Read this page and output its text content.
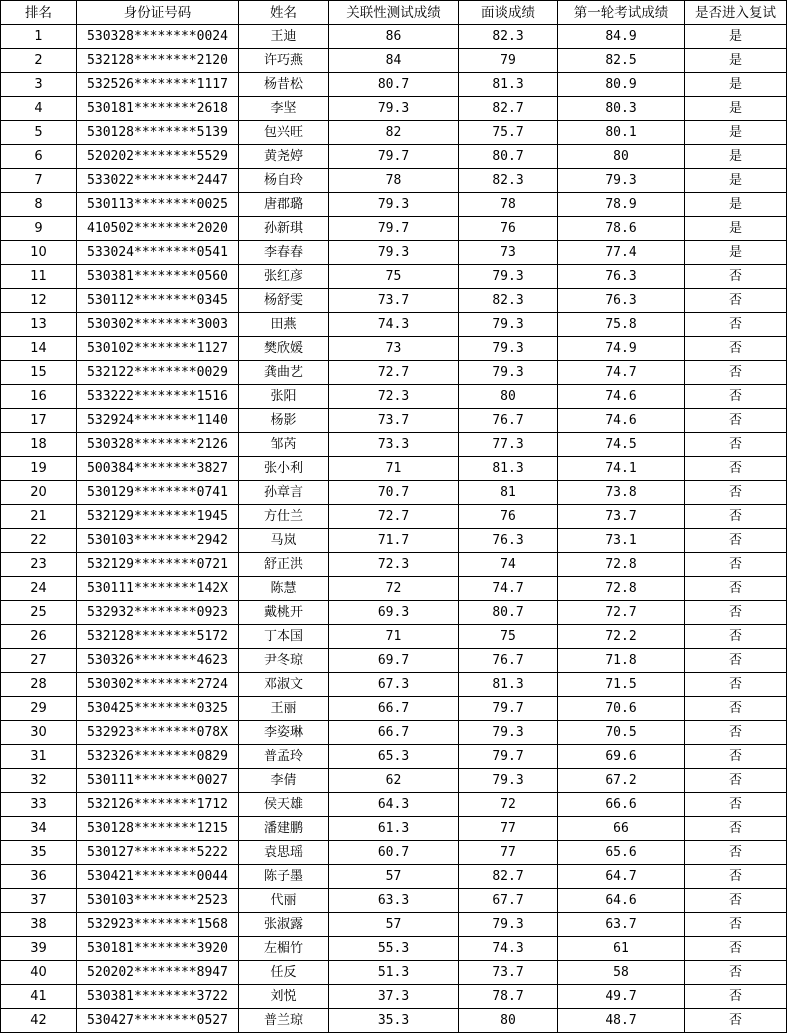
排名	身份证号码	姓名	关联性测试成绩	面谈成绩	第一轮考试成绩	是否进入复试
1	530328********0024	王迪	86	82.3	84.9	是
2	532128********2120	许巧燕	84	79	82.5	是
3	532526********1117	杨昔松	80.7	81.3	80.9	是
4	530181********2618	李坚	79.3	82.7	80.3	是
5	530128********5139	包兴旺	82	75.7	80.1	是
6	520202********5529	黄尧婷	79.7	80.7	80	是
7	533022********2447	杨自玲	78	82.3	79.3	是
8	530113********0025	唐郡璐	79.3	78	78.9	是
9	410502********2020	孙新琪	79.7	76	78.6	是
10	533024********0541	李春春	79.3	73	77.4	是
11	530381********0560	张红彦	75	79.3	76.3	否
12	530112********0345	杨舒雯	73.7	82.3	76.3	否
13	530302********3003	田燕	74.3	79.3	75.8	否
14	530102********1127	樊欣媛	73	79.3	74.9	否
15	532122********0029	龚曲艺	72.7	79.3	74.7	否
16	533222********1516	张阳	72.3	80	74.6	否
17	532924********1140	杨影	73.7	76.7	74.6	否
18	530328********2126	邹芮	73.3	77.3	74.5	否
19	500384********3827	张小利	71	81.3	74.1	否
20	530129********0741	孙章言	70.7	81	73.8	否
21	532129********1945	方仕兰	72.7	76	73.7	否
22	530103********2942	马岚	71.7	76.3	73.1	否
23	532129********0721	舒正洪	72.3	74	72.8	否
24	530111********142X	陈慧	72	74.7	72.8	否
25	532932********0923	戴桃开	69.3	80.7	72.7	否
26	532128********5172	丁本国	71	75	72.2	否
27	530326********4623	尹冬琼	69.7	76.7	71.8	否
28	530302********2724	邓淑文	67.3	81.3	71.5	否
29	530425********0325	王丽	66.7	79.7	70.6	否
30	532923********078X	李姿琳	66.7	79.3	70.5	否
31	532326********0829	普孟玲	65.3	79.7	69.6	否
32	530111********0027	李倩	62	79.3	67.2	否
33	532126********1712	侯天雄	64.3	72	66.6	否
34	530128********1215	潘建鹏	61.3	77	66	否
35	530127********5222	袁思瑶	60.7	77	65.6	否
36	530421********0044	陈子墨	57	82.7	64.7	否
37	530103********2523	代丽	63.3	67.7	64.6	否
38	532923********1568	张淑露	57	79.3	63.7	否
39	530181********3920	左楣竹	55.3	74.3	61	否
40	520202********8947	任反	51.3	73.7	58	否
41	530381********3722	刘悦	37.3	78.7	49.7	否
42	530427********0527	普兰琼	35.3	80	48.7	否
